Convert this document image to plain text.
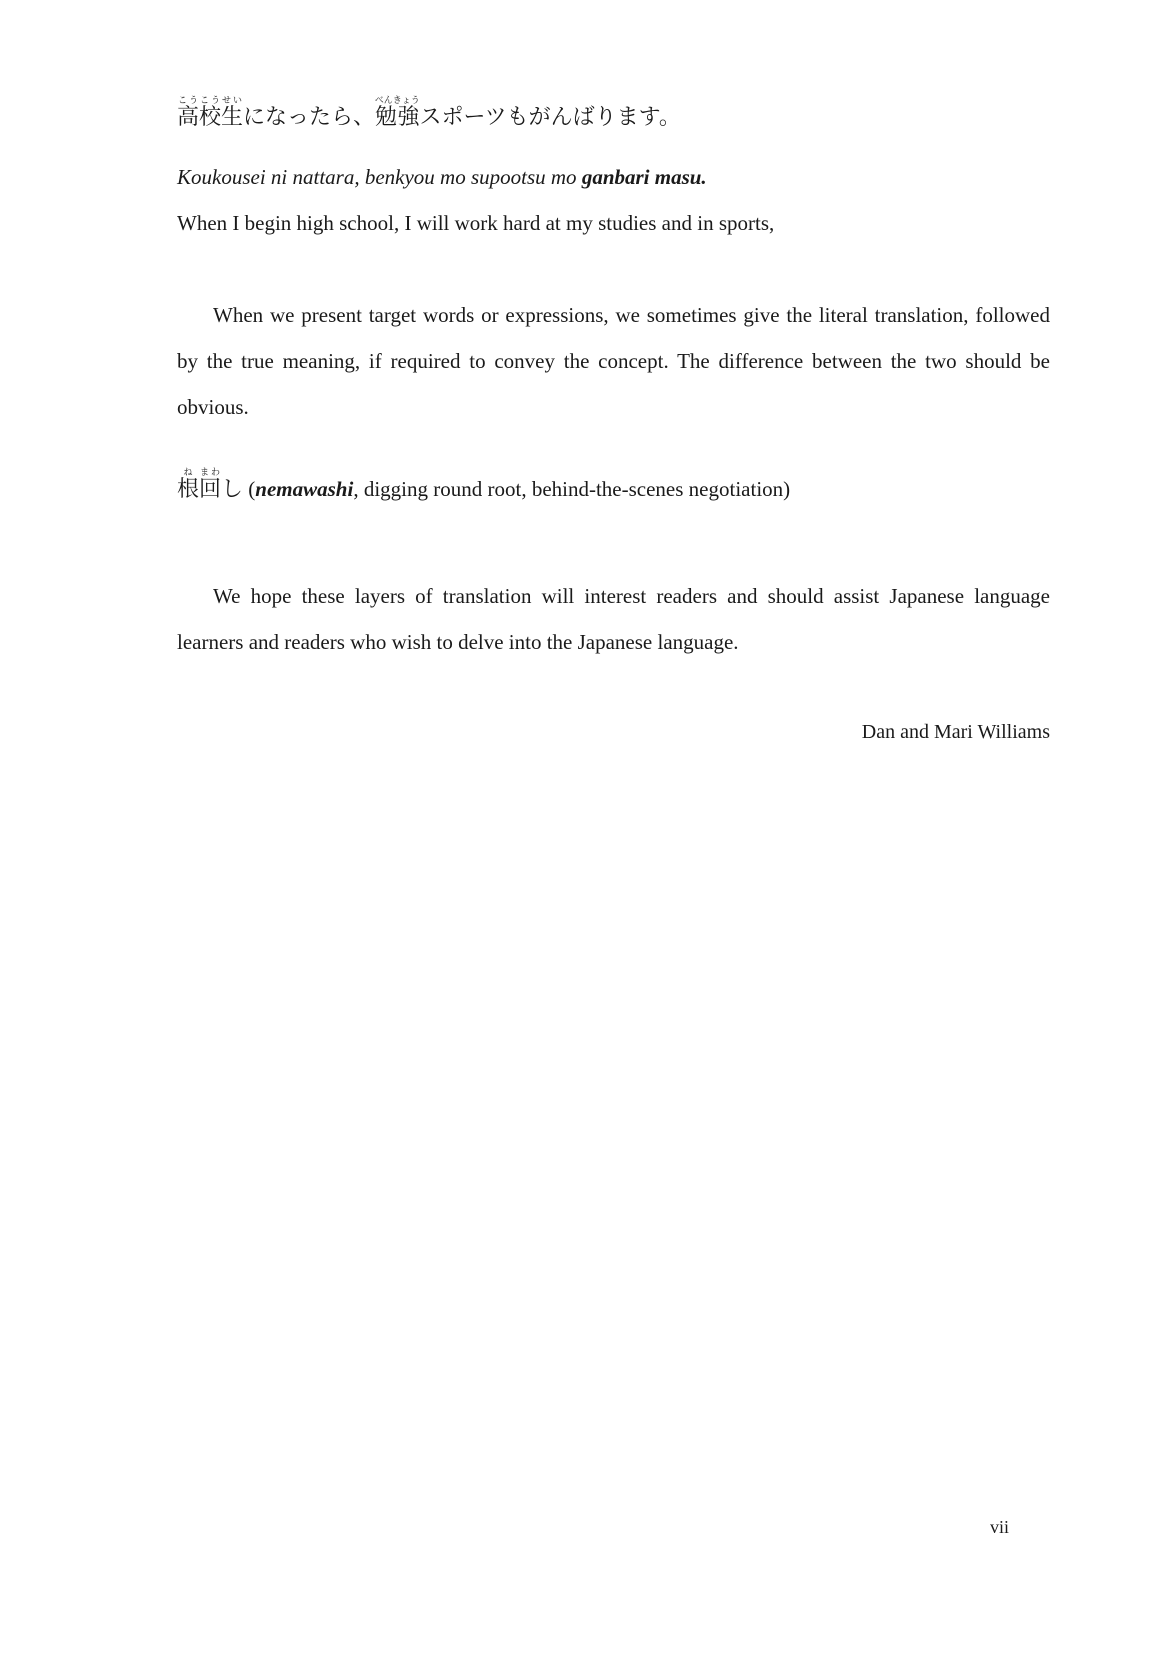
高校生こうこうせいになったら、勉強べんきょうスポーツもがんばります。
Koukousei ni nattara, benkyou mo supootsu mo ganbari masu.
When I begin high school, I will work hard at my studies and in sports,

When we present target words or expressions, we sometimes give the literal translation, followed by the true meaning, if required to convey the concept. The difference between the two should be obvious.

根ね回まわし (nemawashi, digging round root, behind-the-scenes negotiation)

We hope these layers of translation will interest readers and should assist Japanese language learners and readers who wish to delve into the Japanese language.

Dan and Mari Williams
vii
